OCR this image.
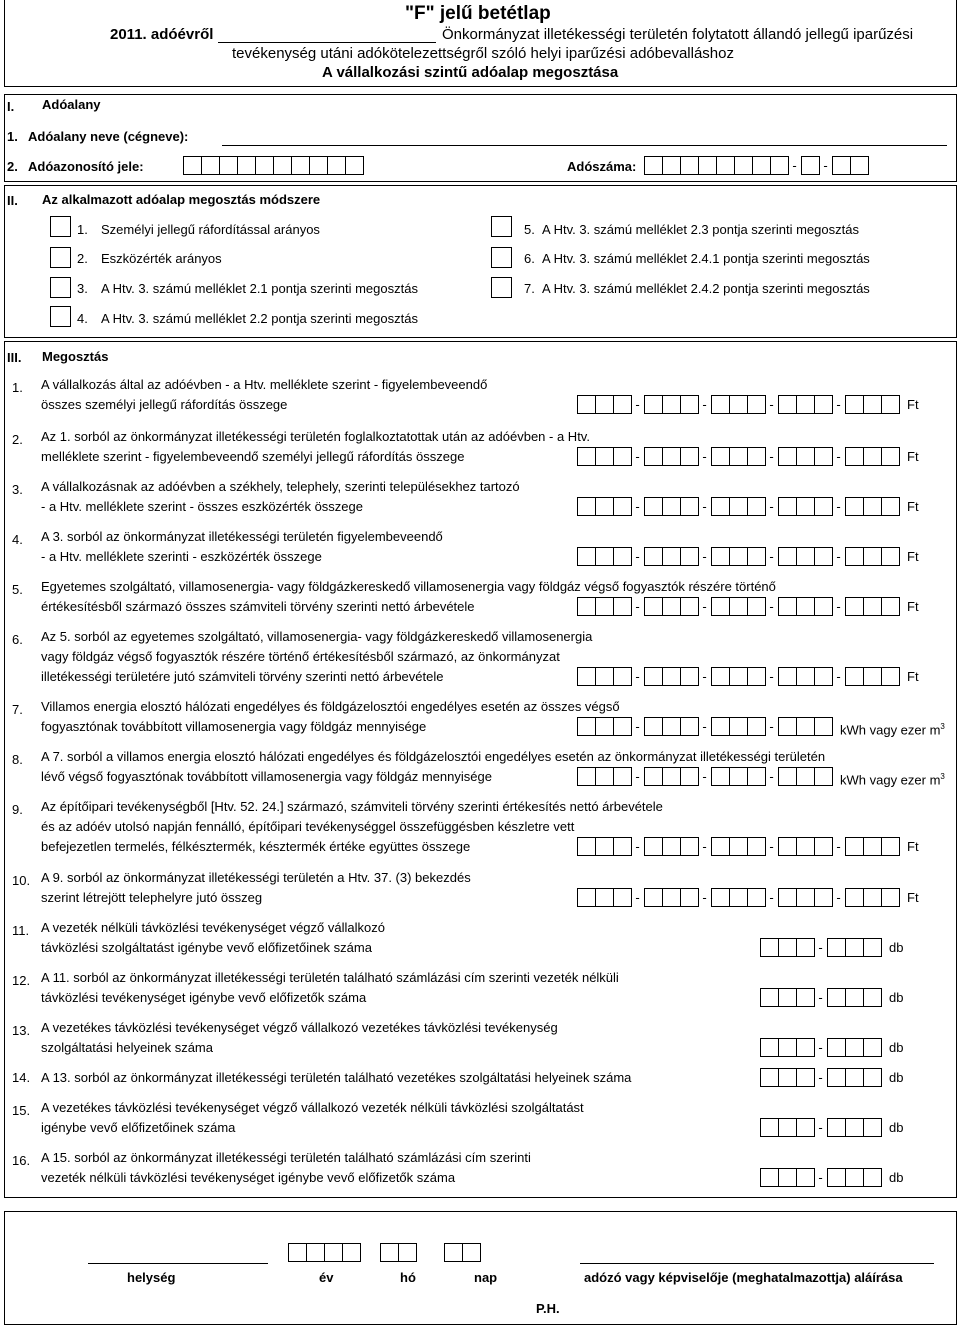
"F" jelű betétlap
2011. adóévről	Önkormányzat illetékességi területén folytatott állandó jellegű iparűzési
tevékenység utáni adókötelezettségről szóló helyi iparűzési adóbevalláshoz
A vállalkozási szintű adóalap megosztása
I. Adóalany
1. Adóalany neve (cégneve):
2. Adóazonosító jele:	Adószáma:	- -
II. Az alkalmazott adóalap megosztás módszere
1. Személyi jellegű ráfordítással arányos
2. Eszközérték arányos
3. A Htv. 3. számú melléklet 2.1 pontja szerinti megosztás
4. A Htv. 3. számú melléklet 2.2 pontja szerinti megosztás
5. A Htv. 3. számú melléklet 2.3 pontja szerinti megosztás
6. A Htv. 3. számú melléklet 2.4.1 pontja szerinti megosztás
7. A Htv. 3. számú melléklet 2.4.2 pontja szerinti megosztás
III. Megosztás
1. A vállalkozás által az adóévben - a Htv. melléklete szerint - figyelembeveendő
összes személyi jellegű ráfordítás összege	-	-	-	-	Ft
2. Az 1. sorból az önkormányzat illetékességi területén foglalkoztatottak után az adóévben - a Htv.
melléklete szerint - figyelembeveendő személyi jellegű ráfordítás összege	-	-	-	-	Ft
3. A vállalkozásnak az adóévben a székhely, telephely, szerinti településekhez tartozó
- a Htv. melléklete szerint - összes eszközérték összege	-	-	-	-	Ft
4. A 3. sorból az önkormányzat illetékességi területén figyelembeveendő
- a Htv. melléklete szerinti - eszközérték összege	-	-	-	-	Ft
5. Egyetemes szolgáltató, villamosenergia- vagy földgázkereskedő villamosenergia vagy földgáz végső fogyasztók részére történő
értékesítésből származó összes számviteli törvény szerinti nettó árbevétele	-	-	-	-	Ft
6. Az 5. sorból az egyetemes szolgáltató, villamosenergia- vagy földgázkereskedő villamosenergia
vagy földgáz végső fogyasztók részére történő értékesítésből származó, az önkormányzat
illetékességi területére jutó számviteli törvény szerinti nettó árbevétele	-	-	-	-	Ft
7. Villamos energia elosztó hálózati engedélyes és földgázelosztói engedélyes esetén az összes végső
fogyasztónak továbbított villamosenergia vagy földgáz mennyisége	-	-	-	kWh vagy ezer $m^3$
8. A 7. sorból a villamos energia elosztó hálózati engedélyes és földgázelosztói engedélyes esetén az önkormányzat illetékességi területén
lévő végső fogyasztónak továbbított villamosenergia vagy földgáz mennyisége	-	-	-	kWh vagy ezer $m^3$
9. Az építőipari tevékenységből [Htv. 52. 24.] származó, számviteli törvény szerinti értékesítés nettó árbevétele
és az adóév utolsó napján fennálló, építőipari tevékenységgel összefüggésben készletre vett
befejezetlen termelés, félkésztermék, késztermék értéke együttes összege	-	-	-	-	Ft
10. A 9. sorból az önkormányzat illetékességi területén a Htv. 37. (3) bekezdés
szerint létrejött telephelyre jutó összeg	-	-	-	-	Ft
11. A vezeték nélküli távközlési tevékenységet végző vállalkozó
távközlési szolgáltatást igénybe vevő előfizetőinek száma	-	db
12. A 11. sorból az önkormányzat illetékességi területén található számlázási cím szerinti vezeték nélküli
távközlési tevékenységet igénybe vevő előfizetők száma	-	db
13. A vezetékes távközlési tevékenységet végző vállalkozó vezetékes távközlési tevékenység
szolgáltatási helyeinek száma	-	db
14. A 13. sorból az önkormányzat illetékességi területén található vezetékes szolgáltatási helyeinek száma	-	db
15. A vezetékes távközlési tevékenységet végző vállalkozó vezeték nélküli távközlési szolgáltatást
igénybe vevő előfizetőinek száma	-	db
16. A 15. sorból az önkormányzat illetékességi területén található számlázási cím szerinti
vezeték nélküli távközlési tevékenységet igénybe vevő előfizetők száma	-	db
helység	év	hó	nap	adózó vagy képviselője (meghatalmazottja) aláírása
P.H.
